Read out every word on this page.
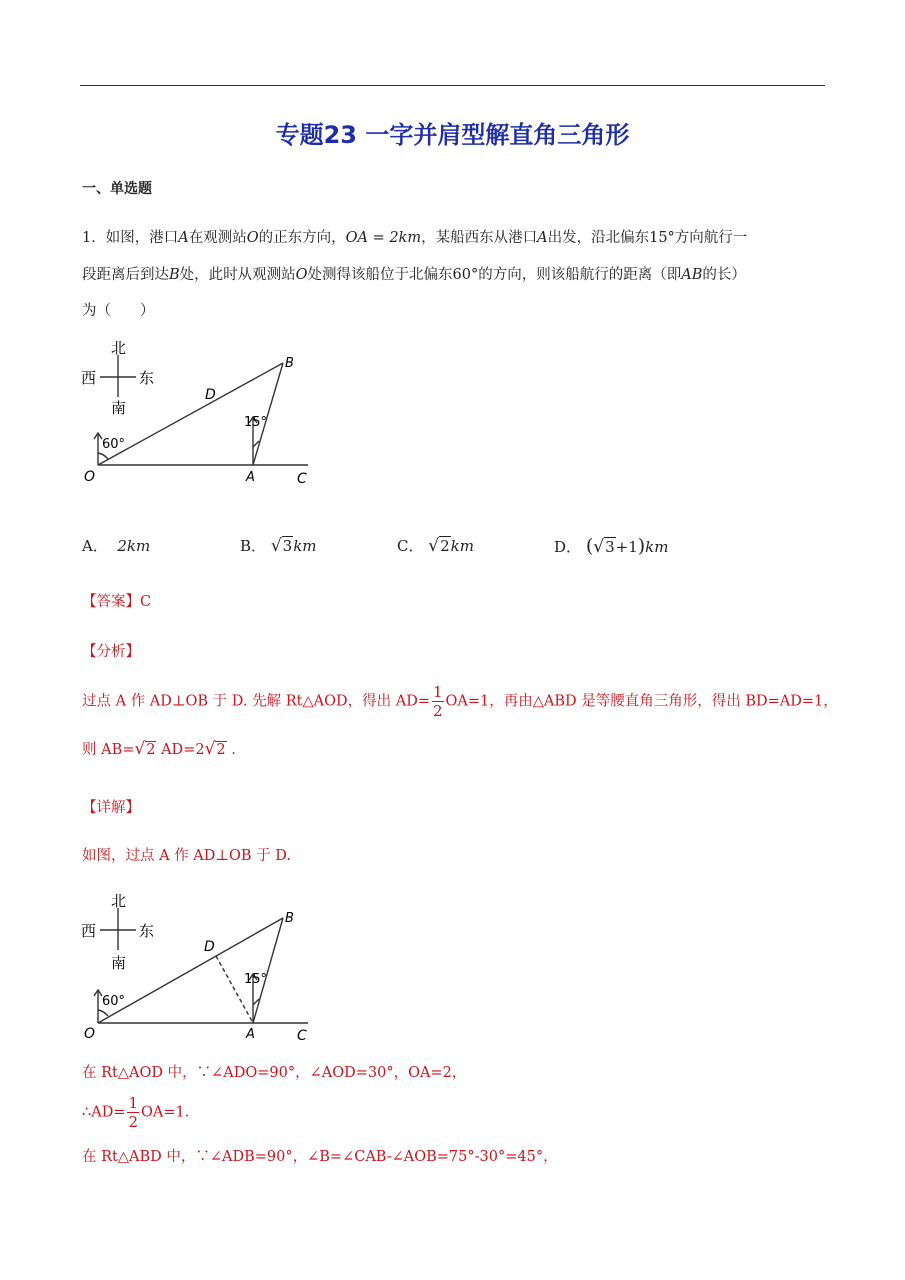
专题23 一字并肩型解直角三角形
一、单选题
1．如图，港口A在观测站O的正东方向，OA = 2km，某船西东从港口A出发，沿北偏东15°方向航行一
段距离后到达B处，此时从观测站O处测得该船位于北偏东60°的方向，则该船航行的距离（即AB的长）
为（　　）
北
南
西	东
O	A
B
C
D
60°
15°
A． 2km	B． √3km	C． √2km	D． (√3+1)km
【答案】C
【分析】
过点 A 作 AD⊥OB 于 D. 先解 Rt△AOD，得出 $AD= \frac{1}{2} OA=1$，再由△ABD 是等腰直角三角形，得出 BD=AD=1，
则 AB=√2 AD=2√2 .
【详解】
如图，过点 A 作 AD⊥OB 于 D.
北
南
西	东
O	A
B
C
D
60°
15°
在 Rt△AOD 中，∵∠ADO=90°，∠AOD=30°，OA=2，
∴AD= $\frac{1}{2} OA=1$.
在 Rt△ABD 中，∵∠ADB=90°，∠B=∠CAB-∠AOB=75°-30°=45°，
